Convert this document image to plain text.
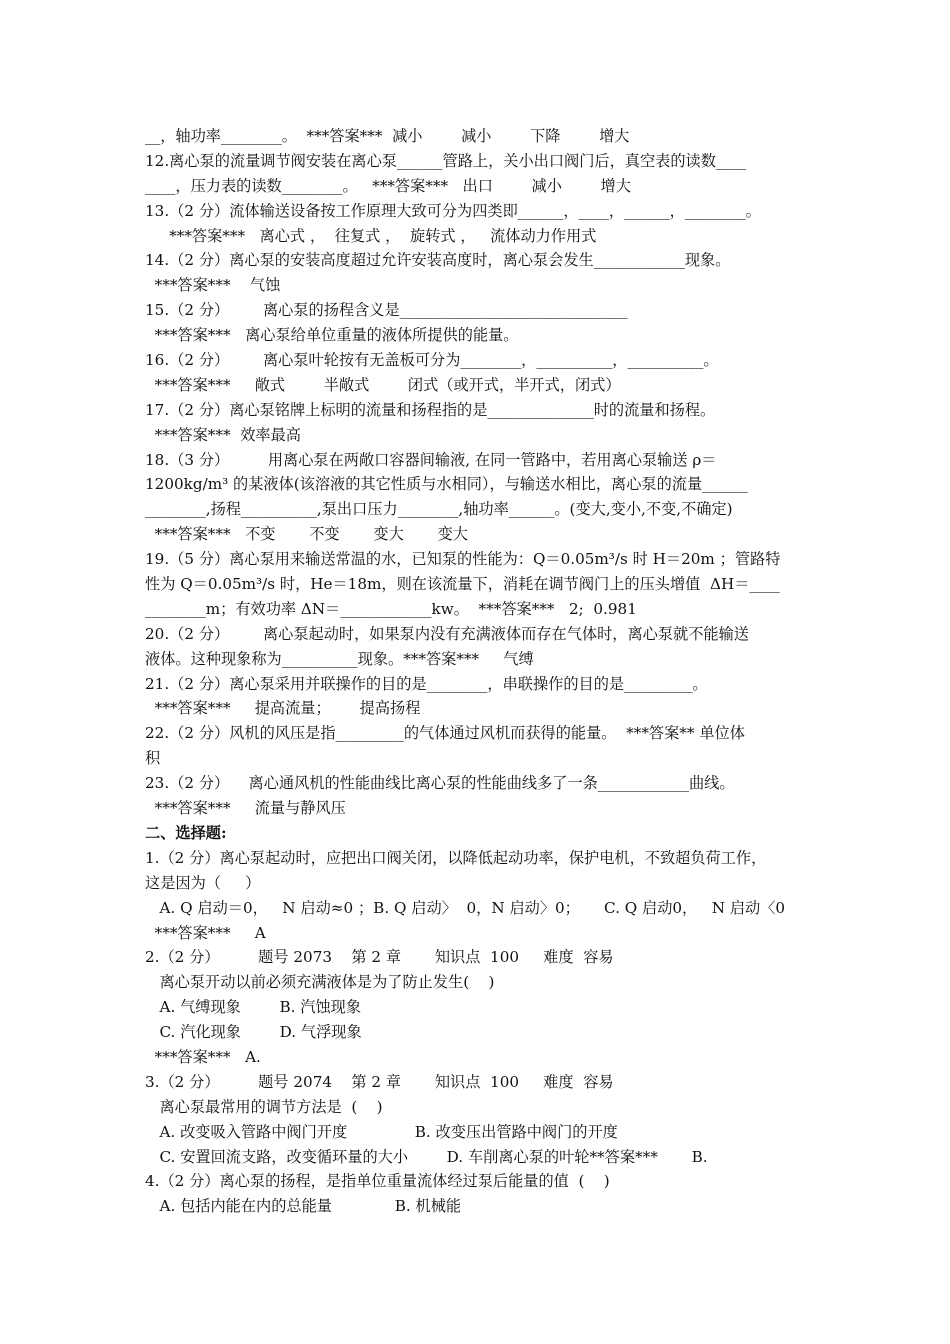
__，轴功率________。  ***答案***  减小        减小        下降        增大
12.离心泵的流量调节阀安装在离心泵______管路上，关小出口阀门后，真空表的读数____
____，压力表的读数________。   ***答案***   出口        减小        增大
13.（2 分）流体输送设备按工作原理大致可分为四类即______，____，______，________。
***答案***   离心式 ，  往复式 ，  旋转式 ，   流体动力作用式
14.（2 分）离心泵的安装高度超过允许安装高度时，离心泵会发生____________现象。
***答案***    气蚀
15.（2 分）       离心泵的扬程含义是______________________________
***答案***   离心泵给单位重量的液体所提供的能量。
16.（2 分）       离心泵叶轮按有无盖板可分为________，__________，__________。
***答案***     敞式        半敞式        闭式（或开式，半开式，闭式）
17.（2 分）离心泵铭牌上标明的流量和扬程指的是______________时的流量和扬程。
***答案***  效率最高
18.（3 分）        用离心泵在两敞口容器间输液, 在同一管路中，若用离心泵输送 ρ＝
1200kg/m³ 的某液体(该溶液的其它性质与水相同），与输送水相比，离心泵的流量______
________,扬程__________,泵出口压力________,轴功率______。(变大,变小,不变,不确定)
***答案***   不变       不变       变大       变大
19.（5 分）离心泵用来输送常温的水，已知泵的性能为：Q＝0.05m³/s 时 H＝20m ；管路特
性为 Q＝0.05m³/s 时，He＝18m，则在该流量下，消耗在调节阀门上的压头增值  ΔH＝____
________m；有效功率 ΔN＝____________kw。  ***答案***   2;  0.981
20.（2 分）       离心泵起动时，如果泵内没有充满液体而存在气体时，离心泵就不能输送
液体。这种现象称为__________现象。***答案***     气缚
21.（2 分）离心泵采用并联操作的目的是________，串联操作的目的是_________。
***答案***     提高流量；      提高扬程
22.（2 分）风机的风压是指_________的气体通过风机而获得的能量。  ***答案** 单位体
积
23.（2 分）    离心通风机的性能曲线比离心泵的性能曲线多了一条____________曲线。
***答案***     流量与静风压
二、选择题:
1.（2 分）离心泵起动时，应把出口阀关闭，以降低起动功率，保护电机，不致超负荷工作，
这是因为（     ）
A. Q 启动＝0，   N 启动≈0 ；B. Q 启动〉  0，N 启动〉0；     C. Q 启动0，   N 启动〈0
***答案***     A
2.（2 分）        题号 2073    第 2 章       知识点  100     难度  容易
离心泵开动以前必须充满液体是为了防止发生(    )
A. 气缚现象        B. 汽蚀现象
C. 汽化现象        D. 气浮现象
***答案***   A.
3.（2 分）        题号 2074    第 2 章       知识点  100     难度  容易
离心泵最常用的调节方法是  (    )
A. 改变吸入管路中阀门开度              B. 改变压出管路中阀门的开度
C. 安置回流支路，改变循环量的大小        D. 车削离心泵的叶轮**答案***       B.
4.（2 分）离心泵的扬程，是指单位重量流体经过泵后能量的值  (    )
A. 包括内能在内的总能量             B. 机械能
